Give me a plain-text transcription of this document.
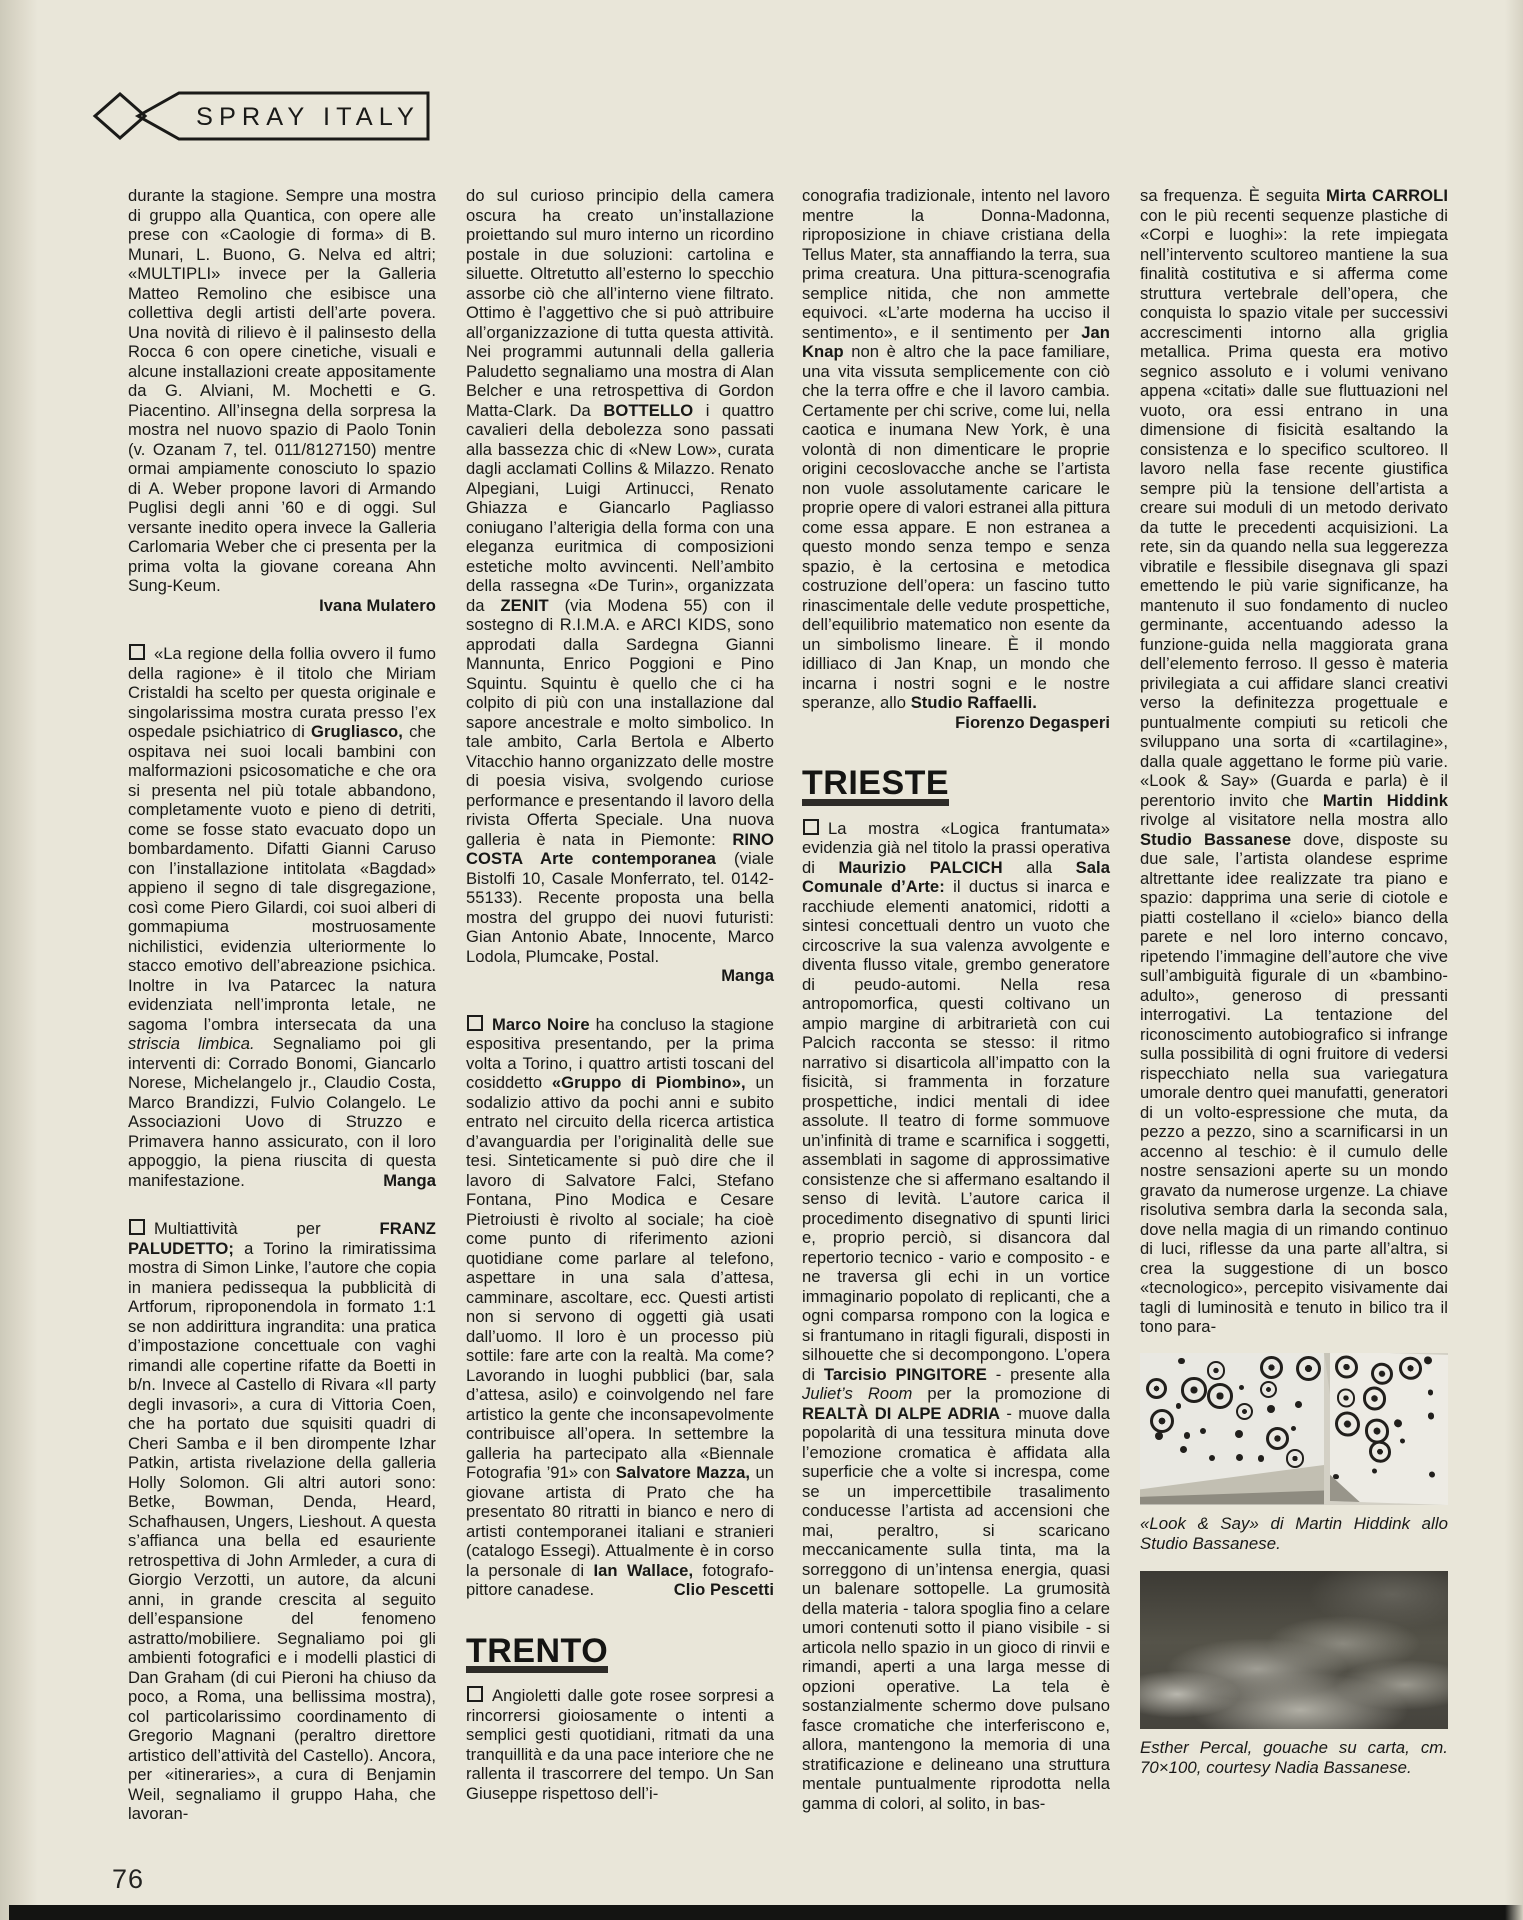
SPRAY ITALY

durante la stagione. Sempre una mostra di gruppo alla Quantica, con opere alle prese con «Caologie di forma» di B. Munari, L. Buono, G. Nelva ed altri; «MULTIPLI» invece per la Galleria Matteo Remolino che esibisce una collettiva degli artisti dell’arte povera. Una novità di rilievo è il palinsesto della Rocca 6 con opere cinetiche, visuali e alcune installazioni create appositamente da G. Alviani, M. Mochetti e G. Piacentino. All’insegna della sorpresa la mostra nel nuovo spazio di Paolo Tonin (v. Ozanam 7, tel. 011/8127150) mentre ormai ampiamente conosciuto lo spazio di A. Weber propone lavori di Armando Puglisi degli anni ’60 e di oggi. Sul versante inedito opera invece la Galleria Carlomaria Weber che ci presenta per la prima volta la giovane coreana Ahn Sung-Keum.

Ivana Mulatero

«La regione della follia ovvero il fumo della ragione» è il titolo che Miriam Cristaldi ha scelto per questa originale e singolarissima mostra curata presso l’ex ospedale psichiatrico di Grugliasco, che ospitava nei suoi locali bambini con malformazioni psicosomatiche e che ora si presenta nel più totale abbandono, completamente vuoto e pieno di detriti, come se fosse stato evacuato dopo un bombardamento. Difatti Gianni Caruso con l’installazione intitolata «Bagdad» appieno il segno di tale disgregazione, così come Piero Gilardi, coi suoi alberi di gommapiuma mostruosamente nichilistici, evidenzia ulteriormente lo stacco emotivo dell’abreazione psichica. Inoltre in Iva Patarcec la natura evidenziata nell’impronta letale, ne sagoma l’ombra intersecata da una striscia limbica. Segnaliamo poi gli interventi di: Corrado Bonomi, Giancarlo Norese, Michelangelo jr., Claudio Costa, Marco Brandizzi, Fulvio Colangelo. Le Associazioni Uovo di Struzzo e Primavera hanno assicurato, con il loro appoggio, la piena riuscita di questa manifestazione.	Manga

Multiattività per FRANZ PALUDETTO; a Torino la rimiratissima mostra di Simon Linke, l’autore che copia in maniera pedissequa la pubblicità di Artforum, riproponendola in formato 1:1 se non addirittura ingrandita: una pratica d’impostazione concettuale con vaghi rimandi alle copertine rifatte da Boetti in b/n. Invece al Castello di Rivara «Il party degli invasori», a cura di Vittoria Coen, che ha portato due squisiti quadri di Cheri Samba e il ben dirompente Izhar Patkin, artista rivelazione della galleria Holly Solomon. Gli altri autori sono: Betke, Bowman, Denda, Heard, Schafhausen, Ungers, Lieshout. A questa s’affianca una bella ed esauriente retrospettiva di John Armleder, a cura di Giorgio Verzotti, un autore, da alcuni anni, in grande crescita al seguito dell’espansione del fenomeno astratto/mobiliere. Segnaliamo poi gli ambienti fotografici e i modelli plastici di Dan Graham (di cui Pieroni ha chiuso da poco, a Roma, una bellissima mostra), col particolarissimo coordinamento di Gregorio Magnani (peraltro direttore artistico dell’attività del Castello). Ancora, per «itineraries», a cura di Benjamin Weil, segnaliamo il gruppo Haha, che lavoran-

do sul curioso principio della camera oscura ha creato un’installazione proiettando sul muro interno un ricordino postale in due soluzioni: cartolina e siluette. Oltretutto all’esterno lo specchio assorbe ciò che all’interno viene filtrato. Ottimo è l’aggettivo che si può attribuire all’organizzazione di tutta questa attività. Nei programmi autunnali della galleria Paludetto segnaliamo una mostra di Alan Belcher e una retrospettiva di Gordon Matta-Clark. Da BOTTELLO i quattro cavalieri della debolezza sono passati alla bassezza chic di «New Low», curata dagli acclamati Collins & Milazzo. Renato Alpegiani, Luigi Artinucci, Renato Ghiazza e Giancarlo Pagliasso coniugano l’alterigia della forma con una eleganza euritmica di composizioni estetiche molto avvincenti. Nell’ambito della rassegna «De Turin», organizzata da ZENIT (via Modena 55) con il sostegno di R.I.M.A. e ARCI KIDS, sono approdati dalla Sardegna Gianni Mannunta, Enrico Poggioni e Pino Squintu. Squintu è quello che ci ha colpito di più con una installazione dal sapore ancestrale e molto simbolico. In tale ambito, Carla Bertola e Alberto Vitacchio hanno organizzato delle mostre di poesia visiva, svolgendo curiose performance e presentando il lavoro della rivista Offerta Speciale. Una nuova galleria è nata in Piemonte: RINO COSTA Arte contemporanea (viale Bistolfi 10, Casale Monferrato, tel. 0142-55133). Recente proposta una bella mostra del gruppo dei nuovi futuristi: Gian Antonio Abate, Innocente, Marco Lodola, Plumcake, Postal.

Manga

Marco Noire ha concluso la stagione espositiva presentando, per la prima volta a Torino, i quattro artisti toscani del cosiddetto «Gruppo di Piombino», un sodalizio attivo da pochi anni e subito entrato nel circuito della ricerca artistica d’avanguardia per l’originalità delle sue tesi. Sinteticamente si può dire che il lavoro di Salvatore Falci, Stefano Fontana, Pino Modica e Cesare Pietroiusti è rivolto al sociale; ha cioè come punto di riferimento azioni quotidiane come parlare al telefono, aspettare in una sala d’attesa, camminare, ascoltare, ecc. Questi artisti non si servono di oggetti già usati dall’uomo. Il loro è un processo più sottile: fare arte con la realtà. Ma come? Lavorando in luoghi pubblici (bar, sala d’attesa, asilo) e coinvolgendo nel fare artistico la gente che inconsapevolmente contribuisce all’opera. In settembre la galleria ha partecipato alla «Biennale Fotografia ’91» con Salvatore Mazza, un giovane artista di Prato che ha presentato 80 ritratti in bianco e nero di artisti contemporanei italiani e stranieri (catalogo Essegi). Attualmente è in corso la personale di Ian Wallace, fotografo-pittore canadese.	Clio Pescetti

TRENTO

Angioletti dalle gote rosee sorpresi a rincorrersi gioiosamente o intenti a semplici gesti quotidiani, ritmati da una tranquillità e da una pace interiore che ne rallenta il trascorrere del tempo. Un San Giuseppe rispettoso dell’i-

conografia tradizionale, intento nel lavoro mentre la Donna-Madonna, riproposizione in chiave cristiana della Tellus Mater, sta annaffiando la terra, sua prima creatura. Una pittura-scenografia semplice nitida, che non ammette equivoci. «L’arte moderna ha ucciso il sentimento», e il sentimento per Jan Knap non è altro che la pace familiare, una vita vissuta semplicemente con ciò che la terra offre e che il lavoro cambia. Certamente per chi scrive, come lui, nella caotica e inumana New York, è una volontà di non dimenticare le proprie origini cecoslovacche anche se l’artista non vuole assolutamente caricare le proprie opere di valori estranei alla pittura come essa appare. E non estranea a questo mondo senza tempo e senza spazio, è la certosina e metodica costruzione dell’opera: un fascino tutto rinascimentale delle vedute prospettiche, dell’equilibrio matematico non esente da un simbolismo lineare. È il mondo idilliaco di Jan Knap, un mondo che incarna i nostri sogni e le nostre speranze, allo Studio Raffaelli.

Fiorenzo Degasperi
TRIESTE

La mostra «Logica frantumata» evidenzia già nel titolo la prassi operativa di Maurizio PALCICH alla Sala Comunale d’Arte: il ductus si inarca e racchiude elementi anatomici, ridotti a sintesi concettuali dentro un vuoto che circoscrive la sua valenza avvolgente e diventa flusso vitale, grembo generatore di peudo-automi. Nella resa antropomorfica, questi coltivano un ampio margine di arbitrarietà con cui Palcich racconta se stesso: il ritmo narrativo si disarticola all’impatto con la fisicità, si frammenta in forzature prospettiche, indici mentali di idee assolute. Il teatro di forme sommuove un’infinità di trame e scarnifica i soggetti, assemblati in sagome di approssimative consistenze che si affermano esaltando il senso di levità. L’autore carica il procedimento disegnativo di spunti lirici e, proprio perciò, si disancora dal repertorio tecnico - vario e composito - e ne traversa gli echi in un vortice immaginario popolato di replicanti, che a ogni comparsa rompono con la logica e si frantumano in ritagli figurali, disposti in silhouette che si decompongono. L’opera di Tarcisio PINGITORE - presente alla Juliet’s Room per la promozione di REALTÀ DI ALPE ADRIA - muove dalla popolarità di una tessitura minuta dove l’emozione cromatica è affidata alla superficie che a volte si increspa, come se un impercettibile trasalimento conducesse l’artista ad accensioni che mai, peraltro, si scaricano meccanicamente sulla tinta, ma la sorreggono di un’intensa energia, quasi un balenare sottopelle. La grumosità della materia - talora spoglia fino a celare umori contenuti sotto il piano visibile - si articola nello spazio in un gioco di rinvii e rimandi, aperti a una larga messe di opzioni operative. La tela è sostanzialmente schermo dove pulsano fasce cromatiche che interferiscono e, allora, mantengono la memoria di una stratificazione e delineano una struttura mentale puntualmente riprodotta nella gamma di colori, al solito, in bas-

sa frequenza. È seguita Mirta CARROLI con le più recenti sequenze plastiche di «Corpi e luoghi»: la rete impiegata nell’intervento scultoreo mantiene la sua finalità costitutiva e si afferma come struttura vertebrale dell’opera, che conquista lo spazio vitale per successivi accrescimenti intorno alla griglia metallica. Prima questa era motivo segnico assoluto e i volumi venivano appena «citati» dalle sue fluttuazioni nel vuoto, ora essi entrano in una dimensione di fisicità esaltando la consistenza e lo specifico scultoreo. Il lavoro nella fase recente giustifica sempre più la tensione dell’artista a creare sui moduli di un metodo derivato da tutte le precedenti acquisizioni. La rete, sin da quando nella sua leggerezza vibratile e flessibile disegnava gli spazi emettendo le più varie significanze, ha mantenuto il suo fondamento di nucleo germinante, accentuando adesso la funzione-guida nella maggiorata grana dell’elemento ferroso. Il gesso è materia privilegiata a cui affidare slanci creativi verso la definitezza progettuale e puntualmente compiuti su reticoli che sviluppano una sorta di «cartilagine», dalla quale aggettano le forme più varie. «Look & Say» (Guarda e parla) è il perentorio invito che Martin Hiddink rivolge al visitatore nella mostra allo Studio Bassanese dove, disposte su due sale, l’artista olandese esprime altrettante idee realizzate tra piano e spazio: dapprima una serie di ciotole e piatti costellano il «cielo» bianco della parete e nel loro interno concavo, ripetendo l’immagine dell’autore che vive sull’ambiguità figurale di un «bambino-adulto», generoso di pressanti interrogativi. La tentazione del riconoscimento autobiografico si infrange sulla possibilità di ogni fruitore di vedersi rispecchiato nella sua variegatura umorale dentro quei manufatti, generatori di un volto-espressione che muta, da pezzo a pezzo, sino a scarnificarsi in un accenno al teschio: è il cumulo delle nostre sensazioni aperte su un mondo gravato da numerose urgenze. La chiave risolutiva sembra darla la seconda sala, dove nella magia di un rimando continuo di luci, riflesse da una parte all’altra, si crea la suggestione di un bosco «tecnologico», percepito visivamente dai tagli di luminosità e tenuto in bilico tra il tono para-

«Look & Say» di Martin Hiddink allo Studio Bassanese.
Esther Percal, gouache su carta, cm. 70×100, courtesy Nadia Bassanese.
76
